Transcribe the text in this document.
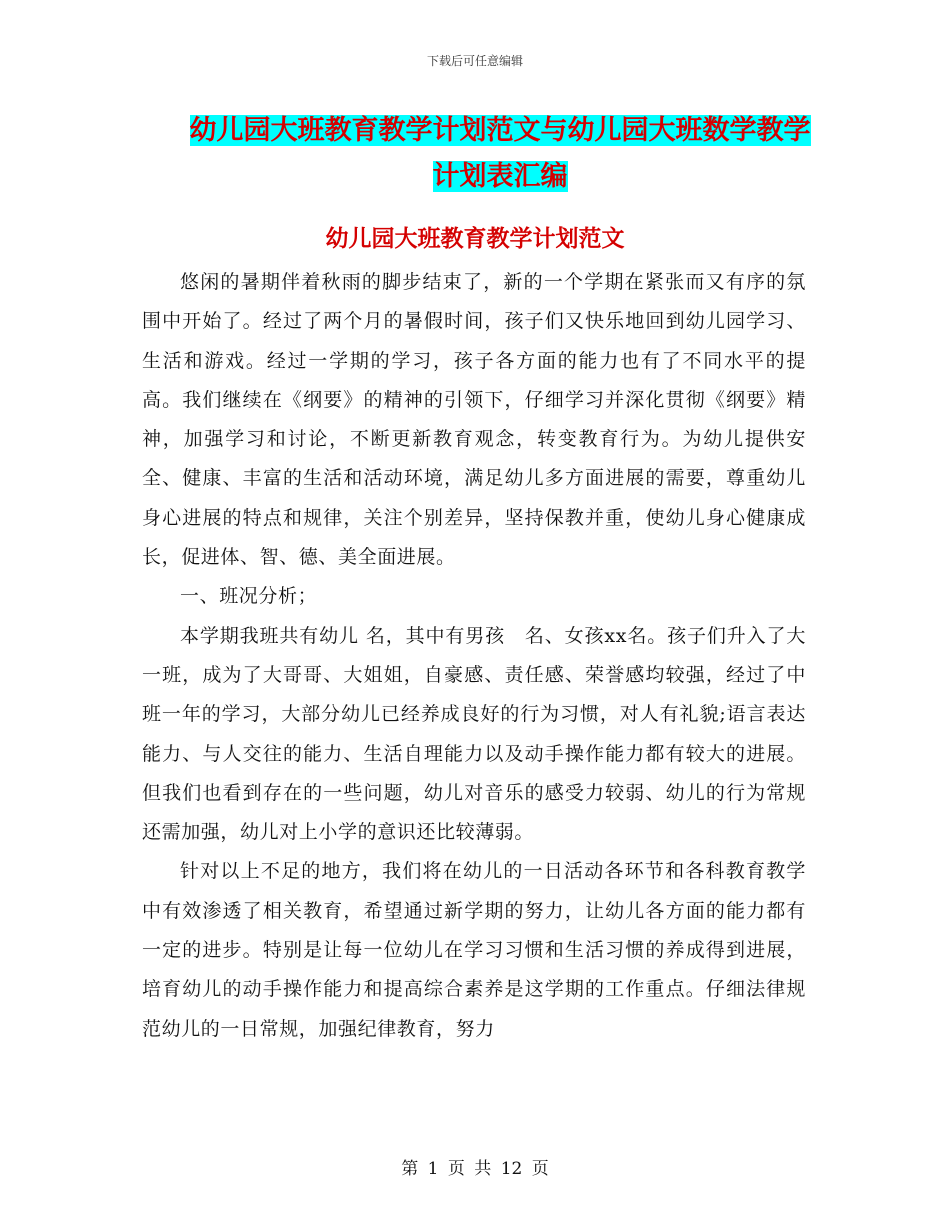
下载后可任意编辑
幼儿园大班教育教学计划范文与幼儿园大班数学教学
计划表汇编
幼儿园大班教育教学计划范文

悠闲的暑期伴着秋雨的脚步结束了，新的一个学期在紧张而又有序的氛围中开始了。经过了两个月的暑假时间，孩子们又快乐地回到幼儿园学习、生活和游戏。经过一学期的学习，孩子各方面的能力也有了不同水平的提高。我们继续在《纲要》的精神的引领下，仔细学习并深化贯彻《纲要》精神，加强学习和讨论，不断更新教育观念，转变教育行为。为幼儿提供安全、健康、丰富的生活和活动环境，满足幼儿多方面进展的需要，尊重幼儿身心进展的特点和规律，关注个别差异，坚持保教并重，使幼儿身心健康成长，促进体、智、德、美全面进展。

一、班况分析；

本学期我班共有幼儿 名，其中有男孩　名、女孩xx名。孩子们升入了大一班，成为了大哥哥、大姐姐，自豪感、责任感、荣誉感均较强，经过了中班一年的学习，大部分幼儿已经养成良好的行为习惯，对人有礼貌;语言表达能力、与人交往的能力、生活自理能力以及动手操作能力都有较大的进展。但我们也看到存在的一些问题，幼儿对音乐的感受力较弱、幼儿的行为常规还需加强，幼儿对上小学的意识还比较薄弱。

针对以上不足的地方，我们将在幼儿的一日活动各环节和各科教育教学中有效渗透了相关教育，希望通过新学期的努力，让幼儿各方面的能力都有一定的进步。特别是让每一位幼儿在学习习惯和生活习惯的养成得到进展，培育幼儿的动手操作能力和提高综合素养是这学期的工作重点。仔细法律规范幼儿的一日常规，加强纪律教育，努力

第 1 页 共 12 页
